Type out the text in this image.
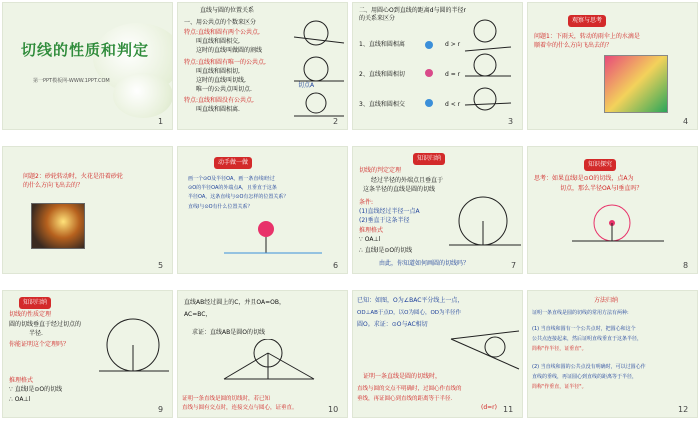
切线的性质和判定
第一PPT模板网-WWW.1PPT.COM
1
直线与圆的位置关系
一、用公共点的个数来区分
特点:直线和圆有两个公共点,
叫直线和圆相交,
这时的直线叫做圆的割线
特点:直线和圆有唯一的公共点,
叫直线和圆相切,
这时的直线叫切线,
唯一的公共点叫切点.
特点:直线和圆没有公共点,
叫直线和圆相离.
切点A
2
二、用圆心O到直线的距离d与圆的半径r的关系来区分
1、直线和圆相离	d > r
2、直线和圆相切	d = r
3、直线和圆相交	d < r
3
观察与思考
问题1：下雨天，转动的雨伞上的水滴是
顺着伞的什么方向飞出去的？
4
问题2：砂轮转动时，火花是沿着砂轮
的什么方向飞出去的？
5
动手做一做
画一个⊙O及半径OA，画一条直线l经过
⊙O的半径OA的外端点A，且垂直于这条
半径OA，这条直线与⊙O有怎样的位置关系？
直线l与⊙O有什么位置关系？
6
知识归纳
切线的判定定理
经过半径的外端点且垂直于
这条半径的直线是圆的切线
条件:
(1)直线经过半径一点A
(2)垂直于这条半径
推理格式
∵ OA⊥l
∴ 直线l是⊙O的切线
由此，你知道如何画圆的切线吗？	7
知识探究
思考：如果直线l是⊙O的切线，点A为
切点，那么半径OA与l垂直吗？
8
知识归纳
切线的性质定理
圆的切线垂直于经过切点的
半径.
你能证明这个定理吗？
推理格式
∵ 直线l是⊙O的切线
∴ OA⊥l
9
直线AB经过圆上的C，并且OA=OB，
AC=BC，
求证：直线AB是圆O的切线
证明一条直线是圆的切线时，若已知
直线与圆有交点时，连接交点与圆心，证垂直。	10
已知：如图，O为∠BAC平分线上一点，
OD⊥AB于点D，以O为圆心，OD为半径作
圆O。求证：⊙O与AC相切
证明一条直线是圆的切线时，
直线与圆的交点不明确时，过圆心作直线的
垂线，再证圆心到直线的距离等于半径.
(d=r) 11
方法归纳
证明一条直线是圆的切线的常用方法有两种:
(1) 当直线和圆有一个公共点时，把圆心和这个
公共点连接起来，然后证明直线垂直于这条半径，
简称"作半径，证垂直"。
(2) 当直线和圆的公共点没有明确时，可以过圆心作
直线的垂线，再证圆心到直线的距离等于半径，
简称"作垂直，证半径"。
12
